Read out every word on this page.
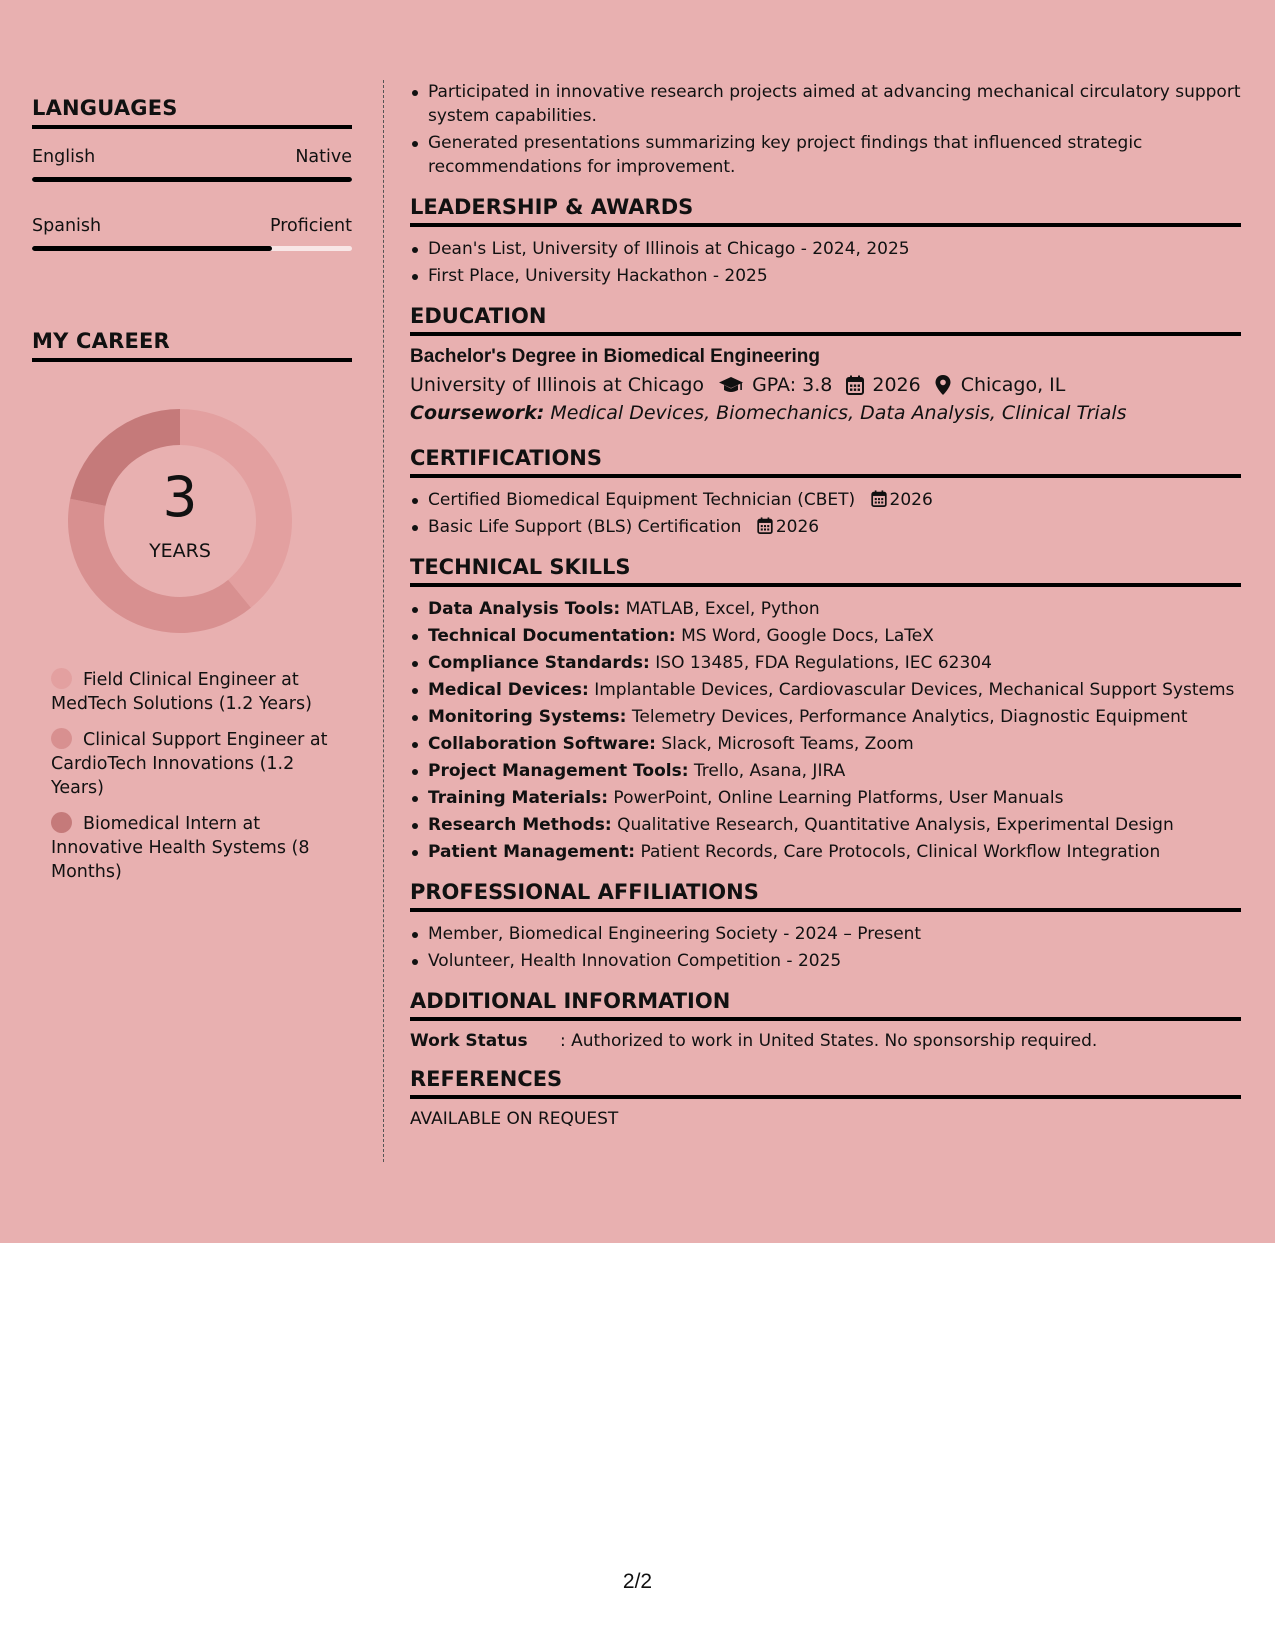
LANGUAGES
English	Native
Spanish	Proficient
MY CAREER
3
YEARS
Field Clinical Engineer at MedTech Solutions (1.2 Years)
Clinical Support Engineer at CardioTech Innovations (1.2 Years)
Biomedical Intern at Innovative Health Systems (8 Months)
Participated in innovative research projects aimed at advancing mechanical circulatory support system capabilities.
Generated presentations summarizing key project findings that influenced strategic recommendations for improvement.
LEADERSHIP & AWARDS
Dean's List, University of Illinois at Chicago - 2024, 2025
First Place, University Hackathon - 2025
EDUCATION
Bachelor's Degree in Biomedical Engineering
University of Illinois at Chicago	GPA: 3.8 2026 Chicago, IL
Coursework: Medical Devices, Biomechanics, Data Analysis, Clinical Trials
CERTIFICATIONS
Certified Biomedical Equipment Technician (CBET) 2026
Basic Life Support (BLS) Certification 2026
TECHNICAL SKILLS
Data Analysis Tools: MATLAB, Excel, Python
Technical Documentation: MS Word, Google Docs, LaTeX
Compliance Standards: ISO 13485, FDA Regulations, IEC 62304
Medical Devices: Implantable Devices, Cardiovascular Devices, Mechanical Support Systems
Monitoring Systems: Telemetry Devices, Performance Analytics, Diagnostic Equipment
Collaboration Software: Slack, Microsoft Teams, Zoom
Project Management Tools: Trello, Asana, JIRA
Training Materials: PowerPoint, Online Learning Platforms, User Manuals
Research Methods: Qualitative Research, Quantitative Analysis, Experimental Design
Patient Management: Patient Records, Care Protocols, Clinical Workflow Integration
PROFESSIONAL AFFILIATIONS
Member, Biomedical Engineering Society - 2024 – Present
Volunteer, Health Innovation Competition - 2025
ADDITIONAL INFORMATION
Work Status	: Authorized to work in United States. No sponsorship required.
REFERENCES
AVAILABLE ON REQUEST
2/2
